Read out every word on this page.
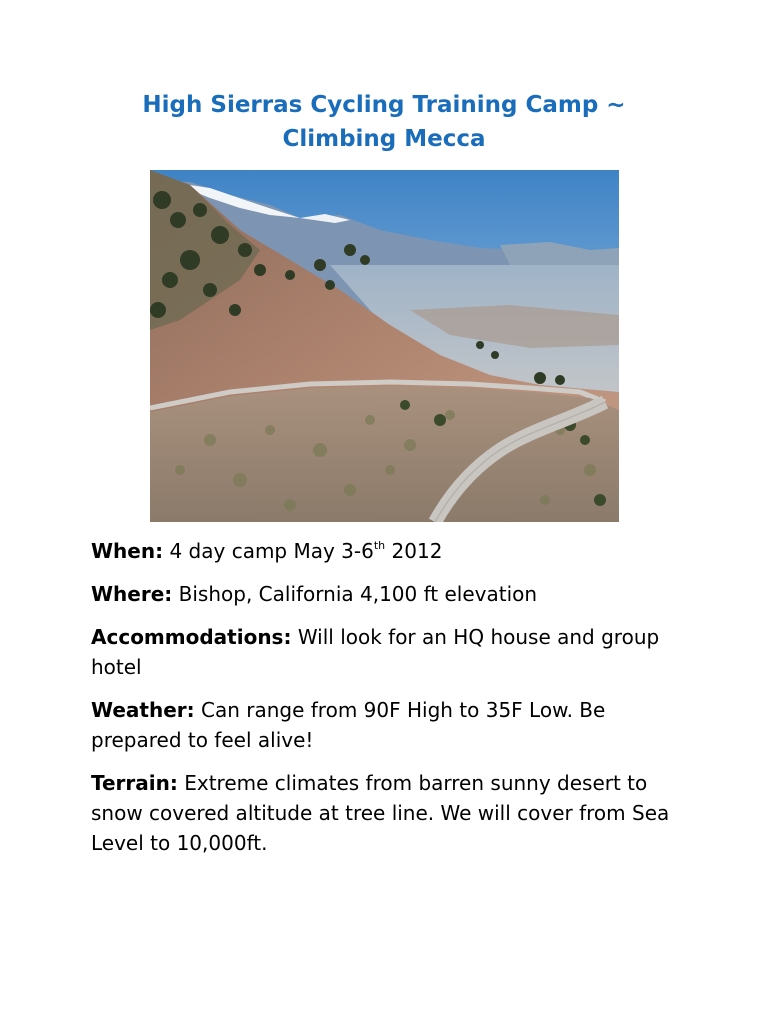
High Sierras Cycling Training Camp ~
Climbing Mecca

When: 4 day camp May 3-6th 2012

Where: Bishop, California 4,100 ft elevation

Accommodations: Will look for an HQ house and group hotel

Weather: Can range from 90F High to 35F Low. Be prepared to feel alive!

Terrain: Extreme climates from barren sunny desert to snow covered altitude at tree line. We will cover from Sea Level to 10,000ft.
